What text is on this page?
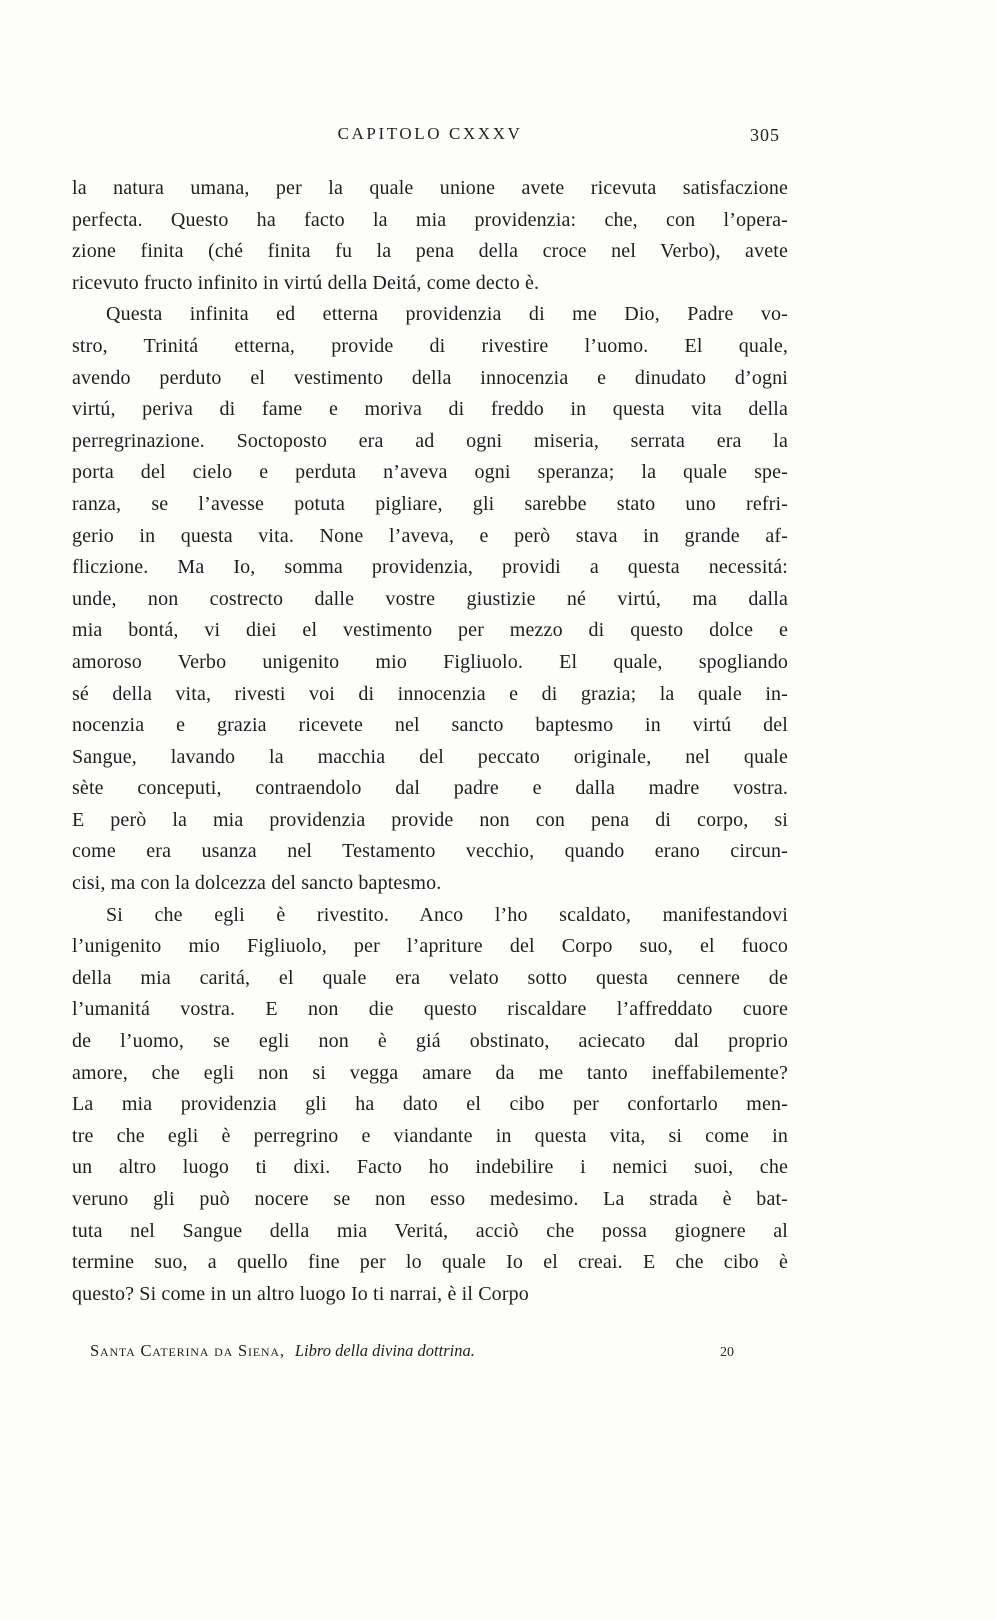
CAPITOLO CXXXV	305
la natura umana, per la quale unione avete ricevuta satisfaczione
perfecta. Questo ha facto la mia providenzia: che, con l’opera-
zione finita (ché finita fu la pena della croce nel Verbo), avete
ricevuto fructo infinito in virtú della Deitá, come decto è.
Questa infinita ed etterna providenzia di me Dio, Padre vo-
stro, Trinitá etterna, provide di rivestire l’uomo. El quale,
avendo perduto el vestimento della innocenzia e dinudato d’ogni
virtú, periva di fame e moriva di freddo in questa vita della
perregrinazione. Soctoposto era ad ogni miseria, serrata era la
porta del cielo e perduta n’aveva ogni speranza; la quale spe-
ranza, se l’avesse potuta pigliare, gli sarebbe stato uno refri-
gerio in questa vita. None l’aveva, e però stava in grande af-
fliczione. Ma Io, somma providenzia, providi a questa necessitá:
unde, non costrecto dalle vostre giustizie né virtú, ma dalla
mia bontá, vi diei el vestimento per mezzo di questo dolce e
amoroso Verbo unigenito mio Figliuolo. El quale, spogliando
sé della vita, rivesti voi di innocenzia e di grazia; la quale in-
nocenzia e grazia ricevete nel sancto baptesmo in virtú del
Sangue, lavando la macchia del peccato originale, nel quale
sète conceputi, contraendolo dal padre e dalla madre vostra.
E però la mia providenzia provide non con pena di corpo, si
come era usanza nel Testamento vecchio, quando erano circun-
cisi, ma con la dolcezza del sancto baptesmo.
Si che egli è rivestito. Anco l’ho scaldato, manifestandovi
l’unigenito mio Figliuolo, per l’apriture del Corpo suo, el fuoco
della mia caritá, el quale era velato sotto questa cennere de
l’umanitá vostra. E non die questo riscaldare l’affreddato cuore
de l’uomo, se egli non è giá obstinato, aciecato dal proprio
amore, che egli non si vegga amare da me tanto ineffabilemente?
La mia providenzia gli ha dato el cibo per confortarlo men-
tre che egli è perregrino e viandante in questa vita, si come in
un altro luogo ti dixi. Facto ho indebilire i nemici suoi, che
veruno gli può nocere se non esso medesimo. La strada è bat-
tuta nel Sangue della mia Veritá, acciò che possa giognere al
termine suo, a quello fine per lo quale Io el creai. E che cibo è
questo? Si come in un altro luogo Io ti narrai, è il Corpo
Santa Caterina da Siena, Libro della divina dottrina.	20
